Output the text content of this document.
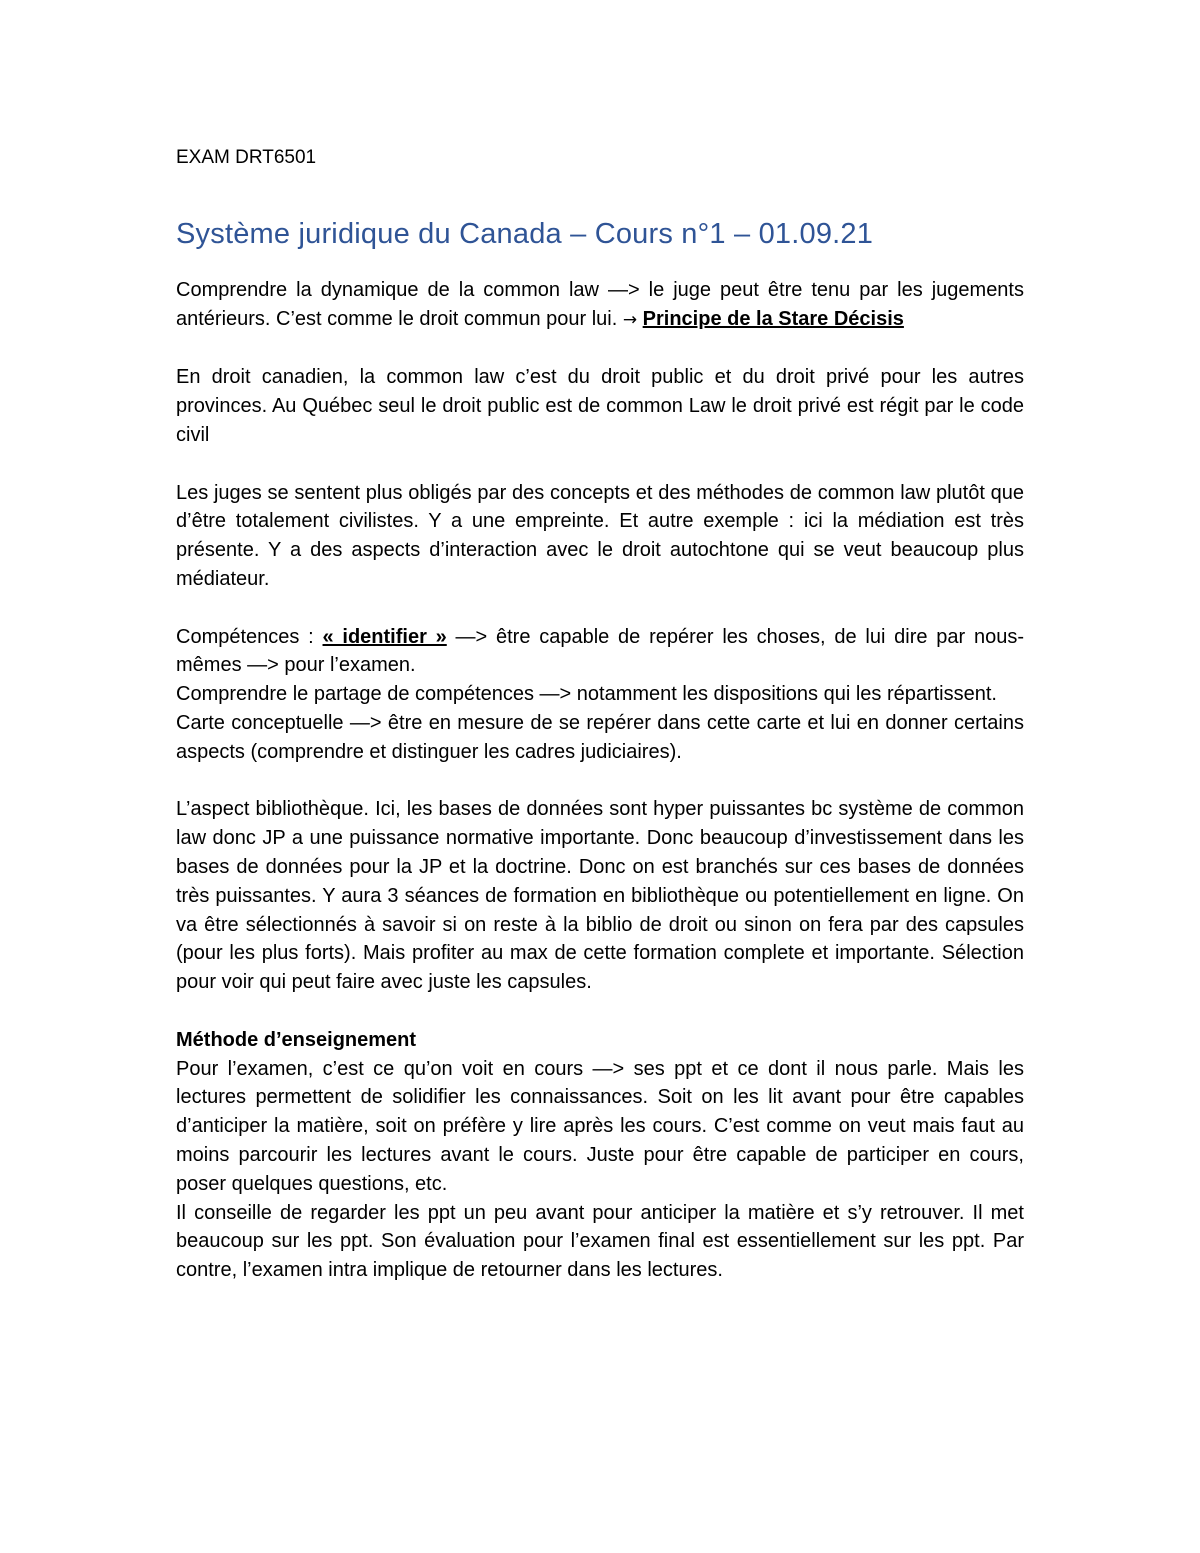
EXAM DRT6501
Système juridique du Canada – Cours n°1 – 01.09.21

Comprendre la dynamique de la common law —> le juge peut être tenu par les jugements antérieurs. C’est comme le droit commun pour lui. → Principe de la Stare Décisis

En droit canadien, la common law c’est du droit public et du droit privé pour les autres provinces. Au Québec seul le droit public est de common Law le droit privé est régit par le code civil

Les juges se sentent plus obligés par des concepts et des méthodes de common law plutôt que d’être totalement civilistes. Y a une empreinte. Et autre exemple : ici la médiation est très présente. Y a des aspects d’interaction avec le droit autochtone qui se veut beaucoup plus médiateur.

Compétences : « identifier » —> être capable de repérer les choses, de lui dire par nous-mêmes —> pour l’examen.
Comprendre le partage de compétences —> notamment les dispositions qui les répartissent.
Carte conceptuelle —> être en mesure de se repérer dans cette carte et lui en donner certains aspects (comprendre et distinguer les cadres judiciaires).

L’aspect bibliothèque. Ici, les bases de données sont hyper puissantes bc système de common law donc JP a une puissance normative importante. Donc beaucoup d’investissement dans les bases de données pour la JP et la doctrine. Donc on est branchés sur ces bases de données très puissantes. Y aura 3 séances de formation en bibliothèque ou potentiellement en ligne. On va être sélectionnés à savoir si on reste à la biblio de droit ou sinon on fera par des capsules (pour les plus forts). Mais profiter au max de cette formation complete et importante. Sélection pour voir qui peut faire avec juste les capsules.

Méthode d’enseignement

Pour l’examen, c’est ce qu’on voit en cours —> ses ppt et ce dont il nous parle. Mais les lectures permettent de solidifier les connaissances. Soit on les lit avant pour être capables d’anticiper la matière, soit on préfère y lire après les cours. C’est comme on veut mais faut au moins parcourir les lectures avant le cours. Juste pour être capable de participer en cours, poser quelques questions, etc.

Il conseille de regarder les ppt un peu avant pour anticiper la matière et s’y retrouver. Il met beaucoup sur les ppt. Son évaluation pour l’examen final est essentiellement sur les ppt. Par contre, l’examen intra implique de retourner dans les lectures.
